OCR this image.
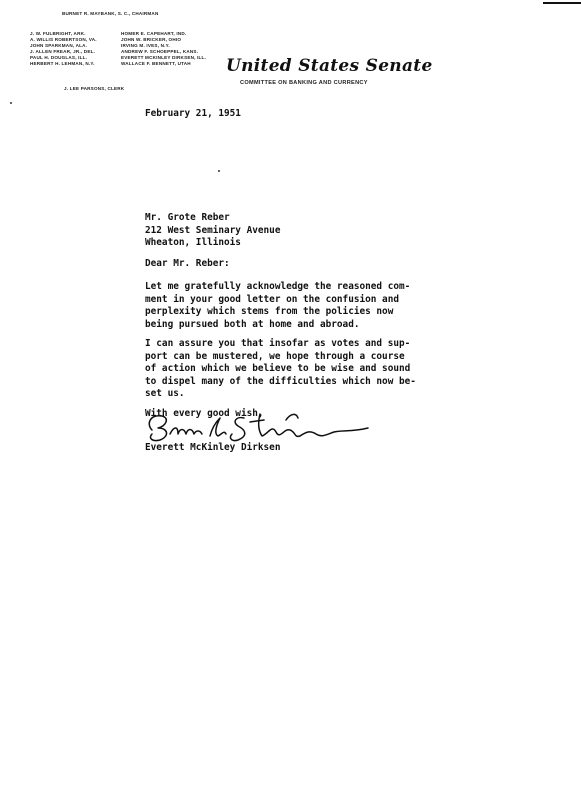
BURNET R. MAYBANK, S. C., CHAIRMAN
J. W. FULBRIGHT, ARK.
A. WILLIS ROBERTSON, VA.
JOHN SPARKMAN, ALA.
J. ALLEN FREAR, JR., DEL.
PAUL H. DOUGLAS, ILL.
HERBERT H. LEHMAN, N.Y.
HOMER E. CAPEHART, IND.
JOHN W. BRICKER, OHIO
IRVING M. IVES, N.Y.
ANDREW F. SCHOEPPEL, KANS.
EVERETT MCKINLEY DIRKSEN, ILL.
WALLACE F. BENNETT, UTAH
J. LEE PARSONS, CLERK
United States Senate
COMMITTEE ON BANKING AND CURRENCY
February 21, 1951
Mr. Grote Reber
212 West Seminary Avenue
Wheaton, Illinois
Dear Mr. Reber:
Let me gratefully acknowledge the reasoned com-
ment in your good letter on the confusion and
perplexity which stems from the policies now
being pursued both at home and abroad.
I can assure you that insofar as votes and sup-
port can be mustered, we hope through a course
of action which we believe to be wise and sound
to dispel many of the difficulties which now be-
set us.
With every good wish,
Everett McKinley Dirksen
